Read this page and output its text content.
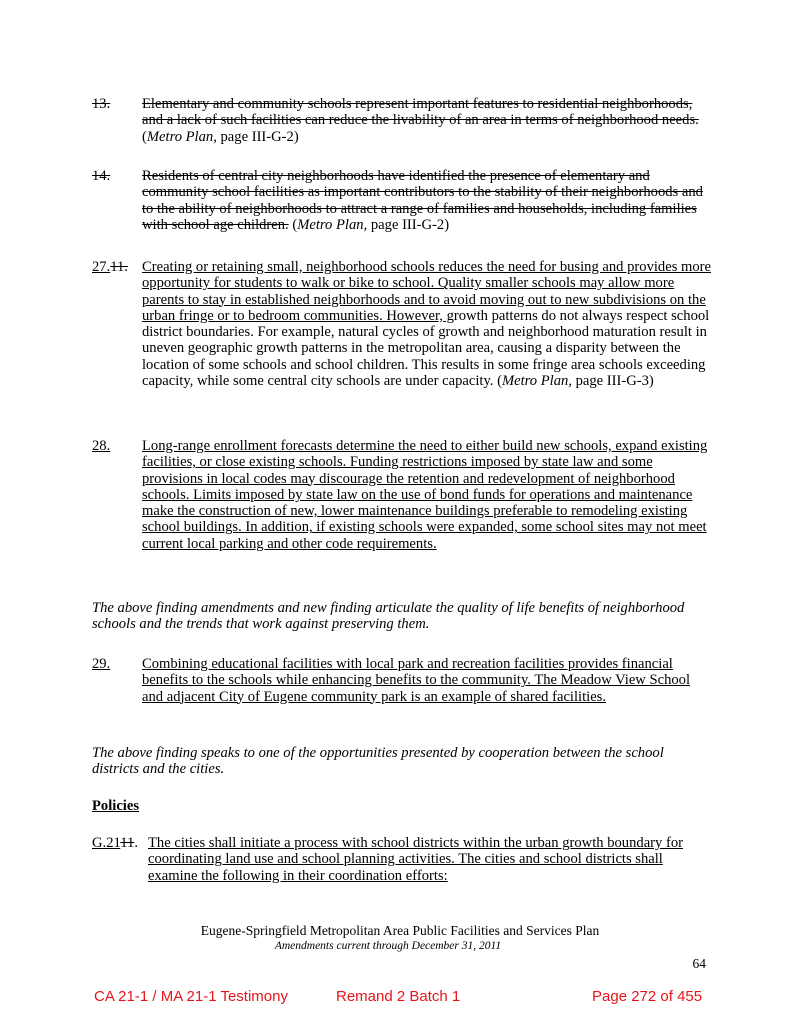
13. Elementary and community schools represent important features to residential neighborhoods, and a lack of such facilities can reduce the livability of an area in terms of neighborhood needs. (Metro Plan, page III-G-2)
14. Residents of central city neighborhoods have identified the presence of elementary and community school facilities as important contributors to the stability of their neighborhoods and to the ability of neighborhoods to attract a range of families and households, including families with school age children. (Metro Plan, page III-G-2)
27.11. Creating or retaining small, neighborhood schools reduces the need for busing and provides more opportunity for students to walk or bike to school. Quality smaller schools may allow more parents to stay in established neighborhoods and to avoid moving out to new subdivisions on the urban fringe or to bedroom communities. However, growth patterns do not always respect school district boundaries. For example, natural cycles of growth and neighborhood maturation result in uneven geographic growth patterns in the metropolitan area, causing a disparity between the location of some schools and school children. This results in some fringe area schools exceeding capacity, while some central city schools are under capacity. (Metro Plan, page III-G-3)
28. Long-range enrollment forecasts determine the need to either build new schools, expand existing facilities, or close existing schools. Funding restrictions imposed by state law and some provisions in local codes may discourage the retention and redevelopment of neighborhood schools. Limits imposed by state law on the use of bond funds for operations and maintenance make the construction of new, lower maintenance buildings preferable to remodeling existing school buildings. In addition, if existing schools were expanded, some school sites may not meet current local parking and other code requirements.
The above finding amendments and new finding articulate the quality of life benefits of neighborhood schools and the trends that work against preserving them.
29. Combining educational facilities with local park and recreation facilities provides financial benefits to the schools while enhancing benefits to the community. The Meadow View School and adjacent City of Eugene community park is an example of shared facilities.
The above finding speaks to one of the opportunities presented by cooperation between the school districts and the cities.
Policies
G.2111. The cities shall initiate a process with school districts within the urban growth boundary for coordinating land use and school planning activities. The cities and school districts shall examine the following in their coordination efforts:
Eugene-Springfield Metropolitan Area Public Facilities and Services Plan
Amendments current through December 31, 2011
64
CA 21-1 / MA 21-1 Testimony	Remand 2 Batch 1	Page 272 of 455
